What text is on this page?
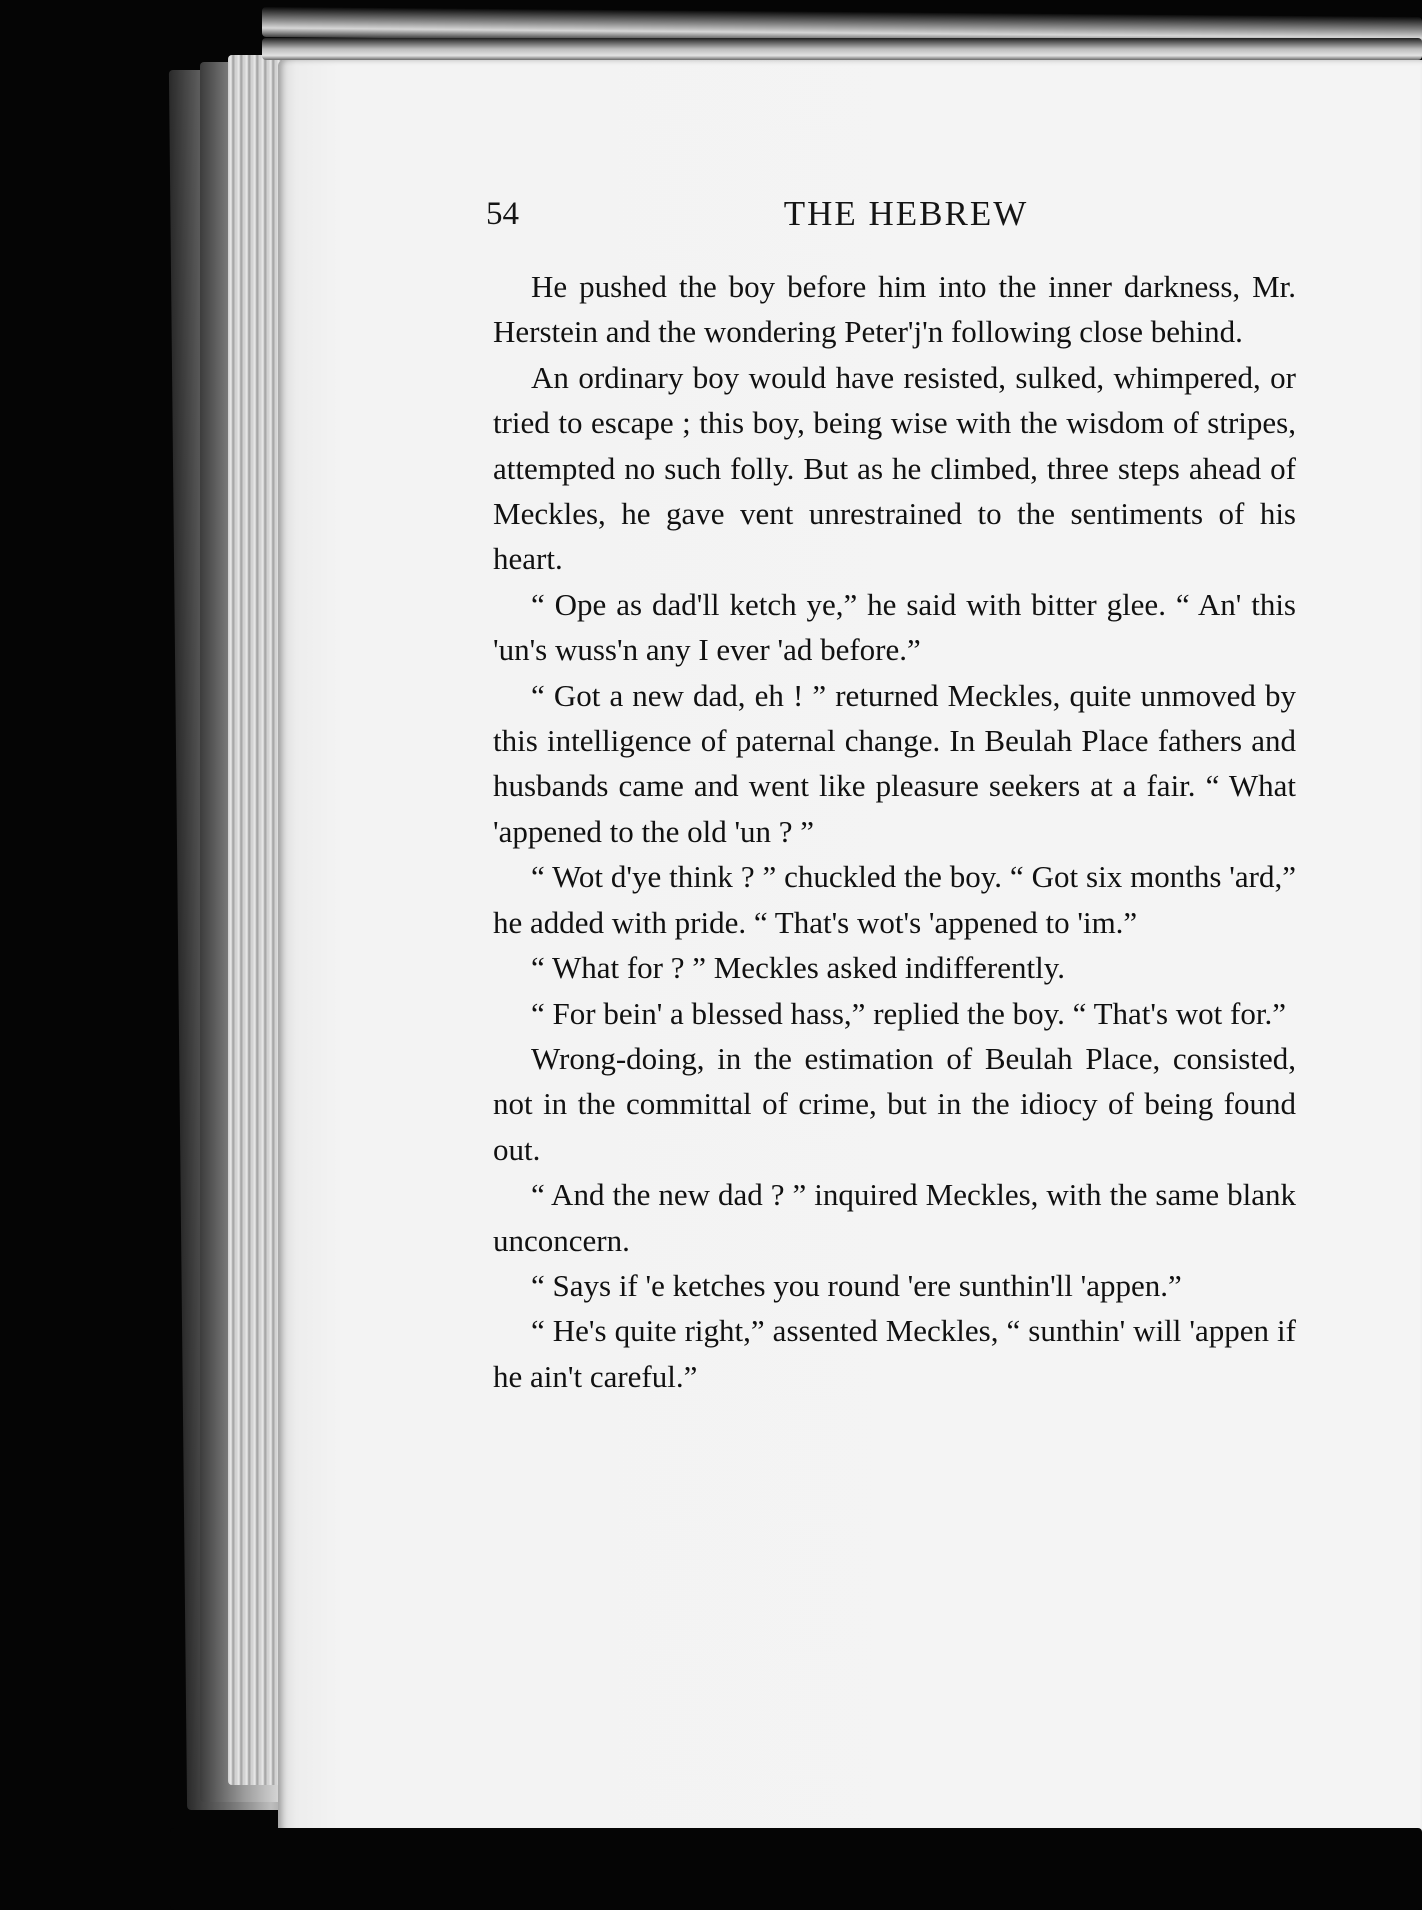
54	THE HEBREW

He pushed the boy before him into the inner darkness, Mr. Herstein and the wondering Peter'j'n following close behind.

An ordinary boy would have resisted, sulked, whimpered, or tried to escape ; this boy, being wise with the wisdom of stripes, attempted no such folly. But as he climbed, three steps ahead of Meckles, he gave vent unrestrained to the sentiments of his heart.

“ Ope as dad'll ketch ye,” he said with bitter glee. “ An' this 'un's wuss'n any I ever 'ad before.”

“ Got a new dad, eh ! ” returned Meckles, quite unmoved by this intelligence of paternal change. In Beulah Place fathers and husbands came and went like pleasure seekers at a fair. “ What 'appened to the old 'un ? ”

“ Wot d'ye think ? ” chuckled the boy. “ Got six months 'ard,” he added with pride. “ That's wot's 'appened to 'im.”

“ What for ? ” Meckles asked indifferently.

“ For bein' a blessed hass,” replied the boy. “ That's wot for.”

Wrong-doing, in the estimation of Beulah Place, consisted, not in the committal of crime, but in the idiocy of being found out.

“ And the new dad ? ” inquired Meckles, with the same blank unconcern.

“ Says if 'e ketches you round 'ere sunthin'll 'appen.”

“ He's quite right,” assented Meckles, “ sunthin' will 'appen if he ain't careful.”
